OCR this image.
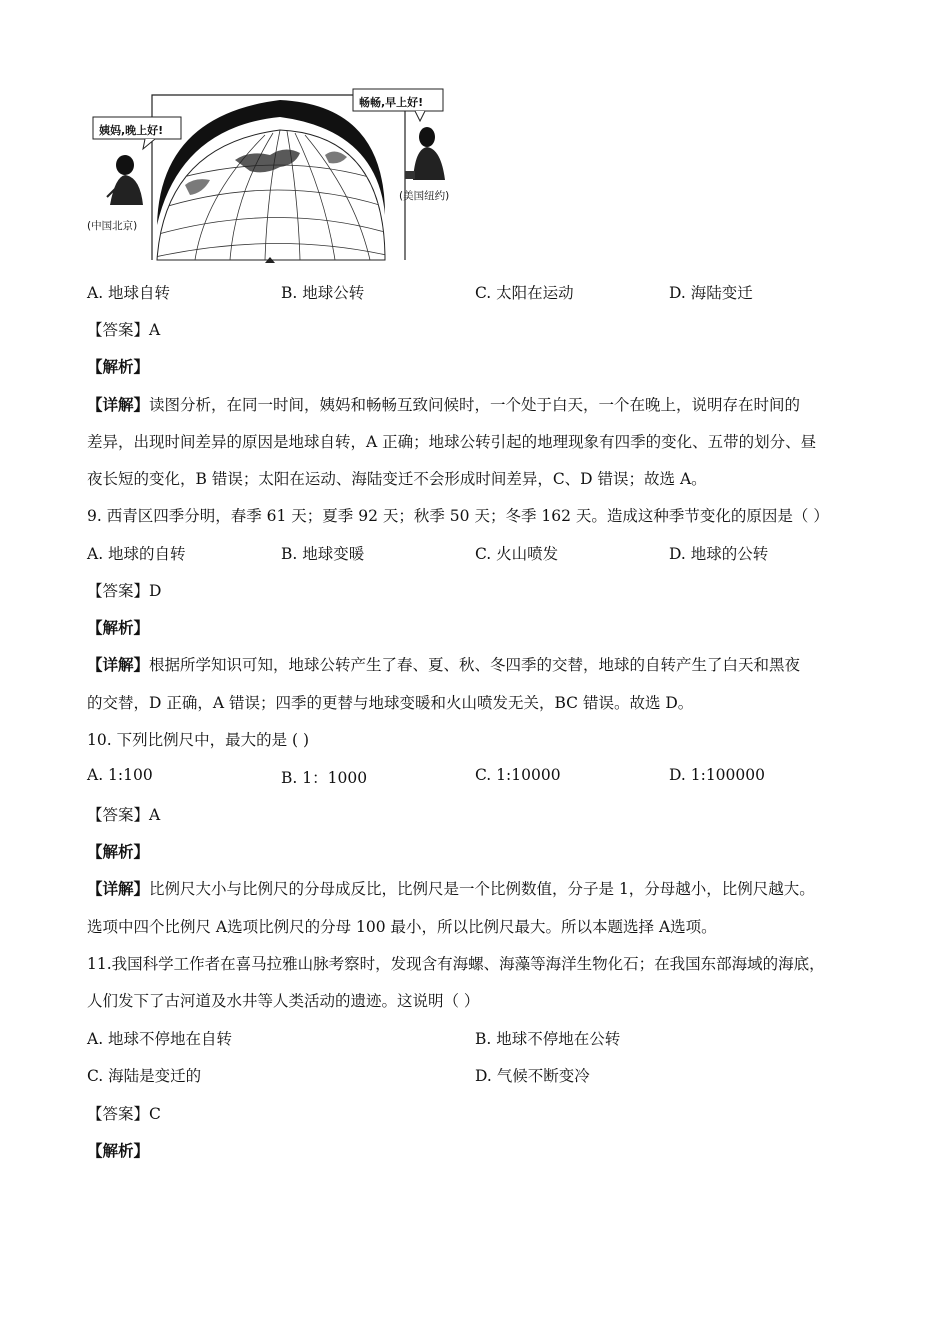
姨妈,晚上好!
畅畅,早上好!
(中国北京)
(美国纽约)
A. 地球自转	B. 地球公转	C. 太阳在运动	D. 海陆变迁
【答案】A
【解析】
【详解】读图分析，在同一时间，姨妈和畅畅互致问候时，一个处于白天，一个在晚上，说明存在时间的
差异，出现时间差异的原因是地球自转，A 正确；地球公转引起的地理现象有四季的变化、五带的划分、昼
夜长短的变化，B 错误；太阳在运动、海陆变迁不会形成时间差异，C、D 错误；故选 A。
9. 西青区四季分明，春季 61 天；夏季 92 天；秋季 50 天；冬季 162 天。造成这种季节变化的原因是（ ）
A. 地球的自转	B. 地球变暖	C. 火山喷发	D. 地球的公转
【答案】D
【解析】
【详解】根据所学知识可知，地球公转产生了春、夏、秋、冬四季的交替，地球的自转产生了白天和黑夜
的交替，D 正确，A 错误；四季的更替与地球变暖和火山喷发无关，BC 错误。故选 D。
10. 下列比例尺中，最大的是 ( )
A. 1:100	B. 1：1000	C. 1:10000	D. 1:100000
【答案】A
【解析】
【详解】比例尺大小与比例尺的分母成反比，比例尺是一个比例数值，分子是 1，分母越小，比例尺越大。
选项中四个比例尺 A选项比例尺的分母 100 最小，所以比例尺最大。所以本题选择 A选项。
11.我国科学工作者在喜马拉雅山脉考察时，发现含有海螺、海藻等海洋生物化石；在我国东部海域的海底，
人们发下了古河道及水井等人类活动的遗迹。这说明（ ）
A. 地球不停地在自转	B. 地球不停地在公转
C. 海陆是变迁的	D. 气候不断变冷
【答案】C
【解析】
